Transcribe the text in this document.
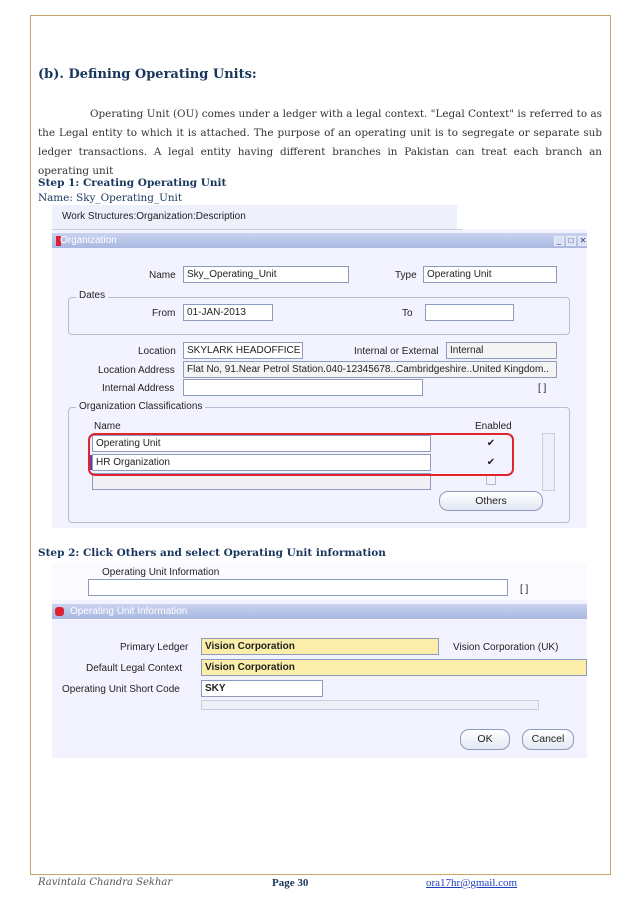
(b). Defining Operating Units:
Operating Unit (OU) comes under a ledger with a legal context. "Legal Context" is referred to as the Legal entity to which it is attached. The purpose of an operating unit is to segregate or separate sub ledger transactions. A legal entity having different branches in Pakistan can treat each branch an operating unit
Step 1: Creating Operating Unit
Name: Sky_Operating_Unit
Work Structures:Organization:Description
Organization	_ □ ✕
Name	Sky_Operating_Unit	Type	Operating Unit
Dates
From	01-JAN-2013	To
Location	SKYLARK HEADOFFICE	Internal or External	Internal
Location Address	Flat No, 91.Near Petrol Station.040-12345678..Cambridgeshire..United Kingdom..
Internal Address	[ ]
Organization Classifications
Name	Enabled
Operating Unit	✔
HR Organization	✔
Others
Step 2: Click Others and select Operating Unit information
Operating Unit Information
[ ]
Operating Unit Information
Primary Ledger	Vision Corporation	Vision Corporation (UK)
Default Legal Context	Vision Corporation
Operating Unit Short Code	SKY
OK	Cancel
Ravintala Chandra Sekhar	Page 30	ora17hr@gmail.com
